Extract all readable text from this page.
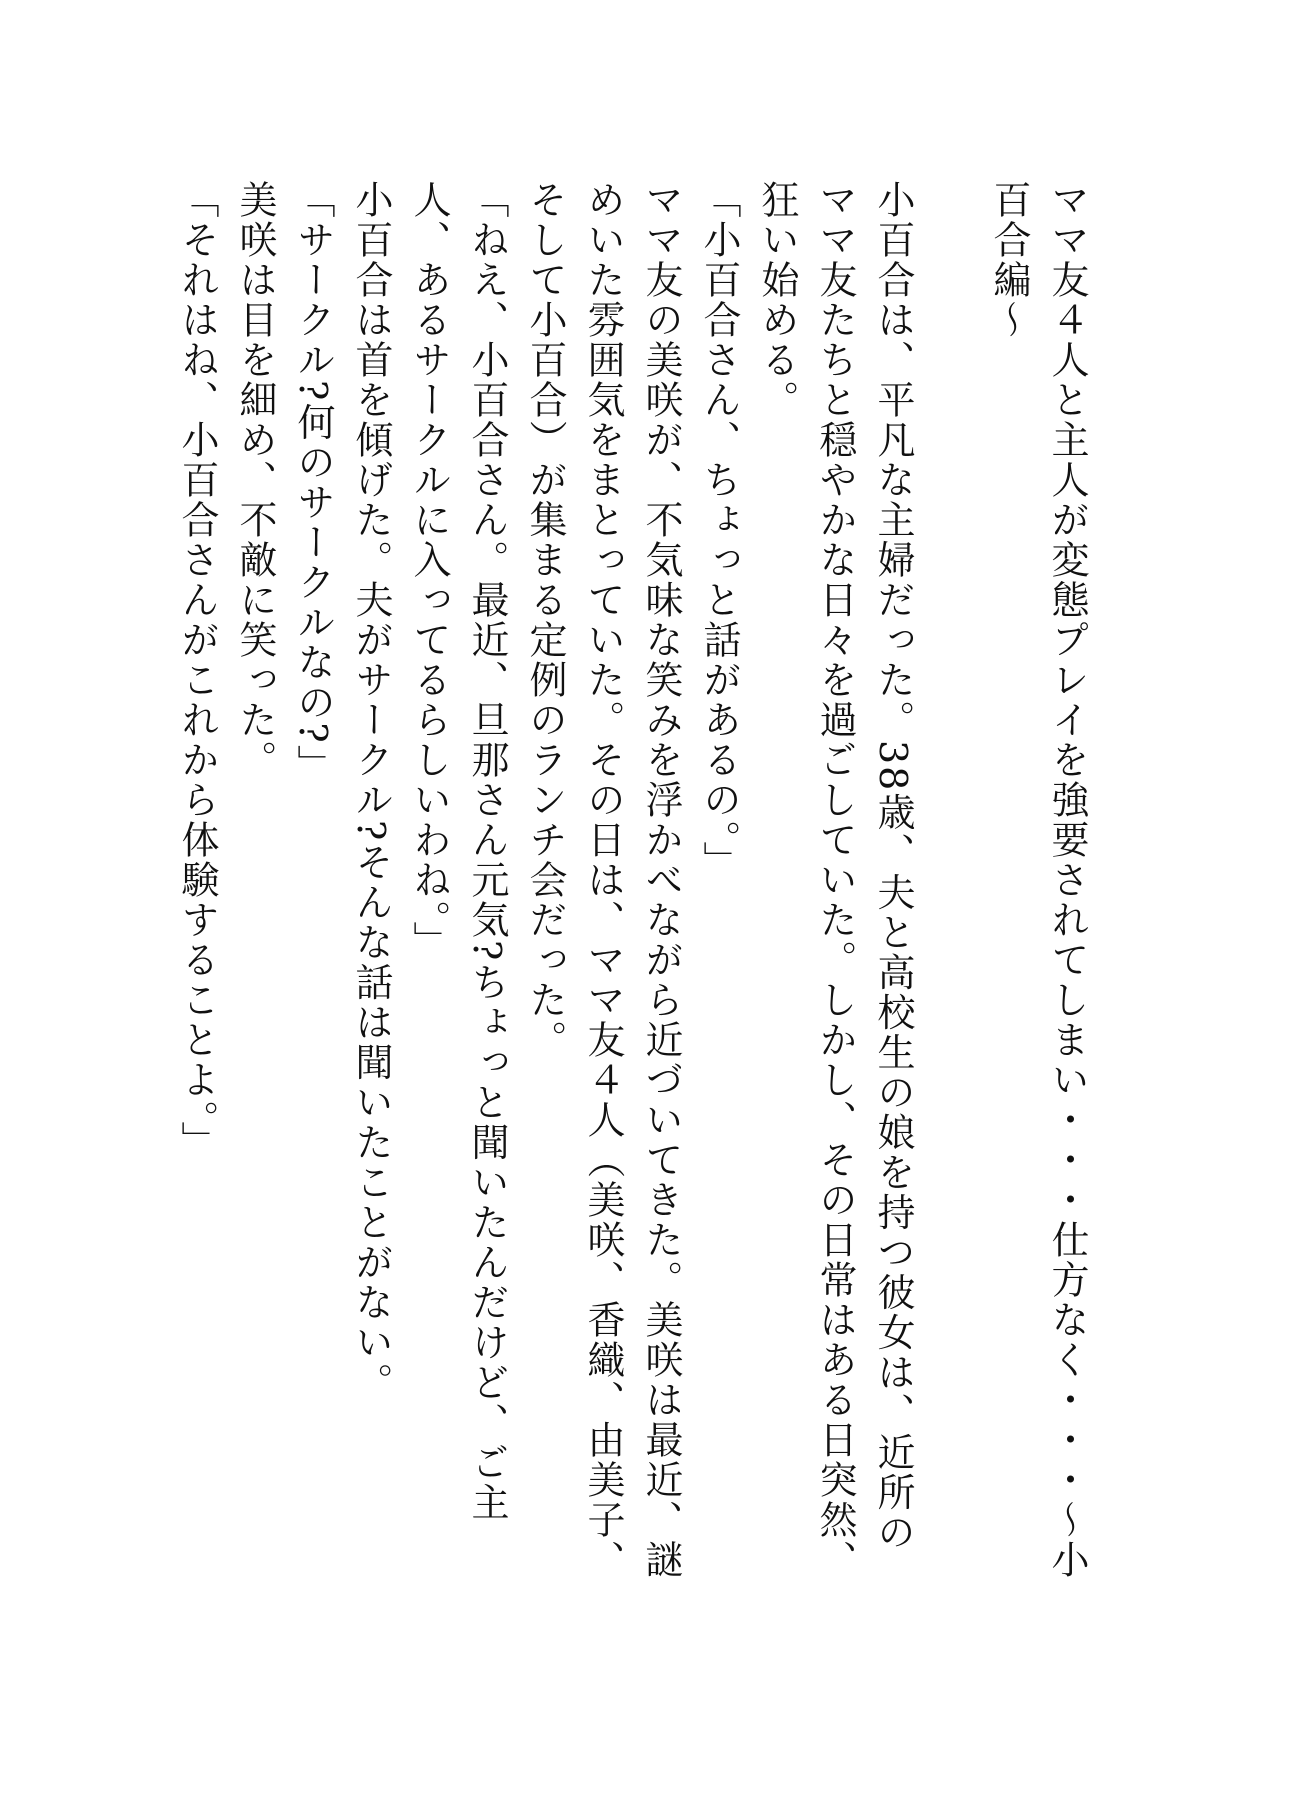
ママ友４人と主人が変態プレイを強要されてしまい・・・仕方なく・・・〜小百合編〜
小百合は、平凡な主婦だった。38歳、夫と高校生の娘を持つ彼女は、近所のママ友たちと穏やかな日々を過ごしていた。しかし、その日常はある日突然、狂い始める。
「小百合さん、ちょっと話があるの。」
ママ友の美咲が、不気味な笑みを浮かべながら近づいてきた。美咲は最近、謎めいた雰囲気をまとっていた。その日は、ママ友４人（美咲、香織、由美子、そして小百合）が集まる定例のランチ会だった。
「ねえ、小百合さん。最近、旦那さん元気?ちょっと聞いたんだけど、ご主人、あるサークルに入ってるらしいわね。」
小百合は首を傾げた。夫がサークル?そんな話は聞いたことがない。
「サークル?何のサークルなの?」
美咲は目を細め、不敵に笑った。
「それはね、小百合さんがこれから体験することよ。」
